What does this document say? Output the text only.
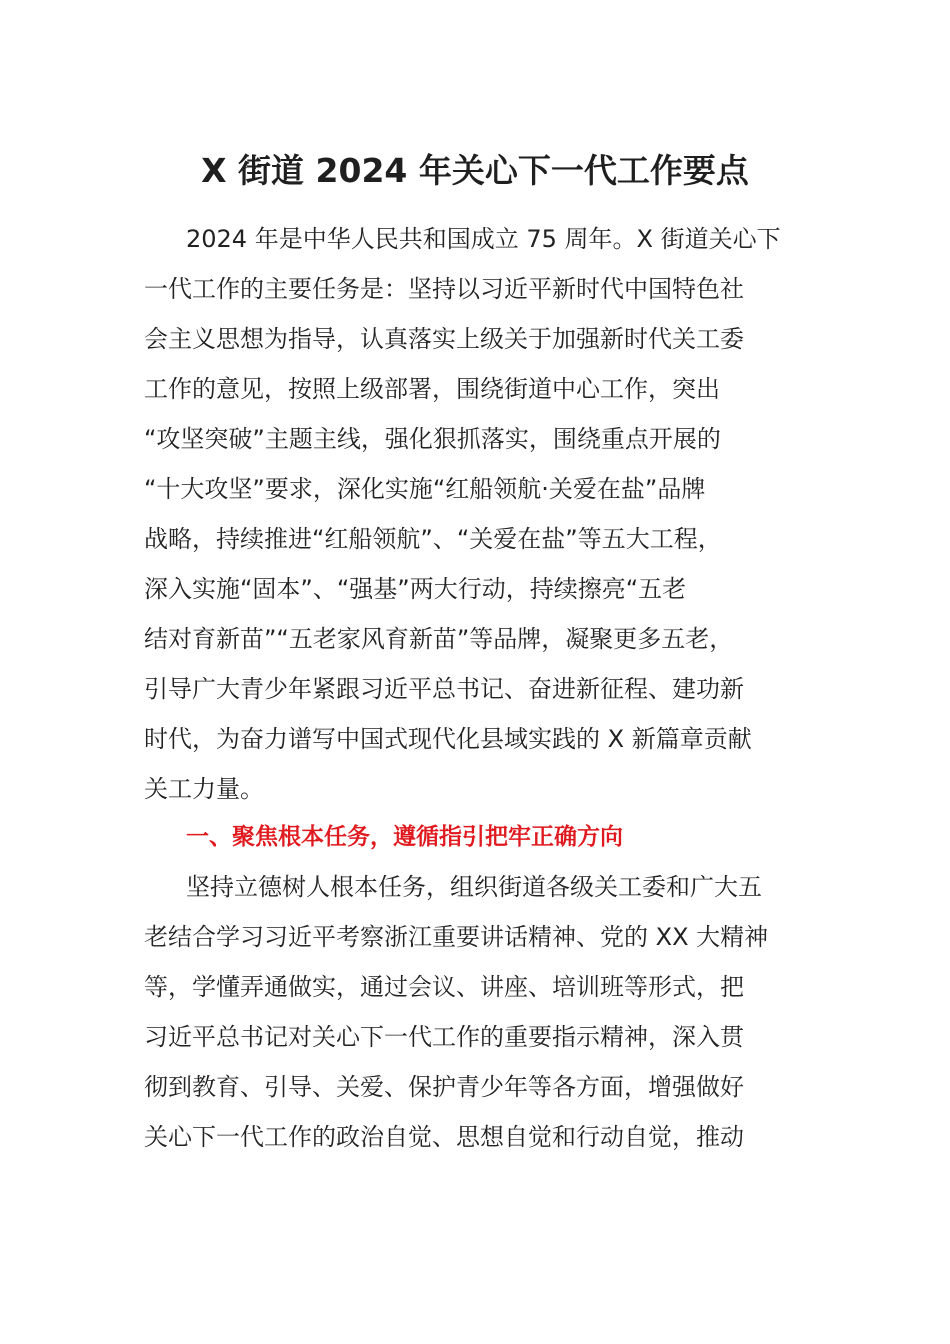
X 街道 2024 年关心下一代工作要点
2024 年是中华人民共和国成立 75 周年。X 街道关心下
一代工作的主要任务是：坚持以习近平新时代中国特色社
会主义思想为指导，认真落实上级关于加强新时代关工委
工作的意见，按照上级部署，围绕街道中心工作，突出
“攻坚突破”主题主线，强化狠抓落实，围绕重点开展的
“十大攻坚”要求，深化实施“红船领航·关爱在盐”品牌
战略，持续推进“红船领航”、“关爱在盐”等五大工程，
深入实施“固本”、“强基”两大行动，持续擦亮“五老
结对育新苗”“五老家风育新苗”等品牌，凝聚更多五老，
引导广大青少年紧跟习近平总书记、奋进新征程、建功新
时代，为奋力谱写中国式现代化县域实践的 X 新篇章贡献
关工力量。
一、聚焦根本任务，遵循指引把牢正确方向
坚持立德树人根本任务，组织街道各级关工委和广大五
老结合学习习近平考察浙江重要讲话精神、党的 XX 大精神
等，学懂弄通做实，通过会议、讲座、培训班等形式，把
习近平总书记对关心下一代工作的重要指示精神，深入贯
彻到教育、引导、关爱、保护青少年等各方面，增强做好
关心下一代工作的政治自觉、思想自觉和行动自觉，推动
